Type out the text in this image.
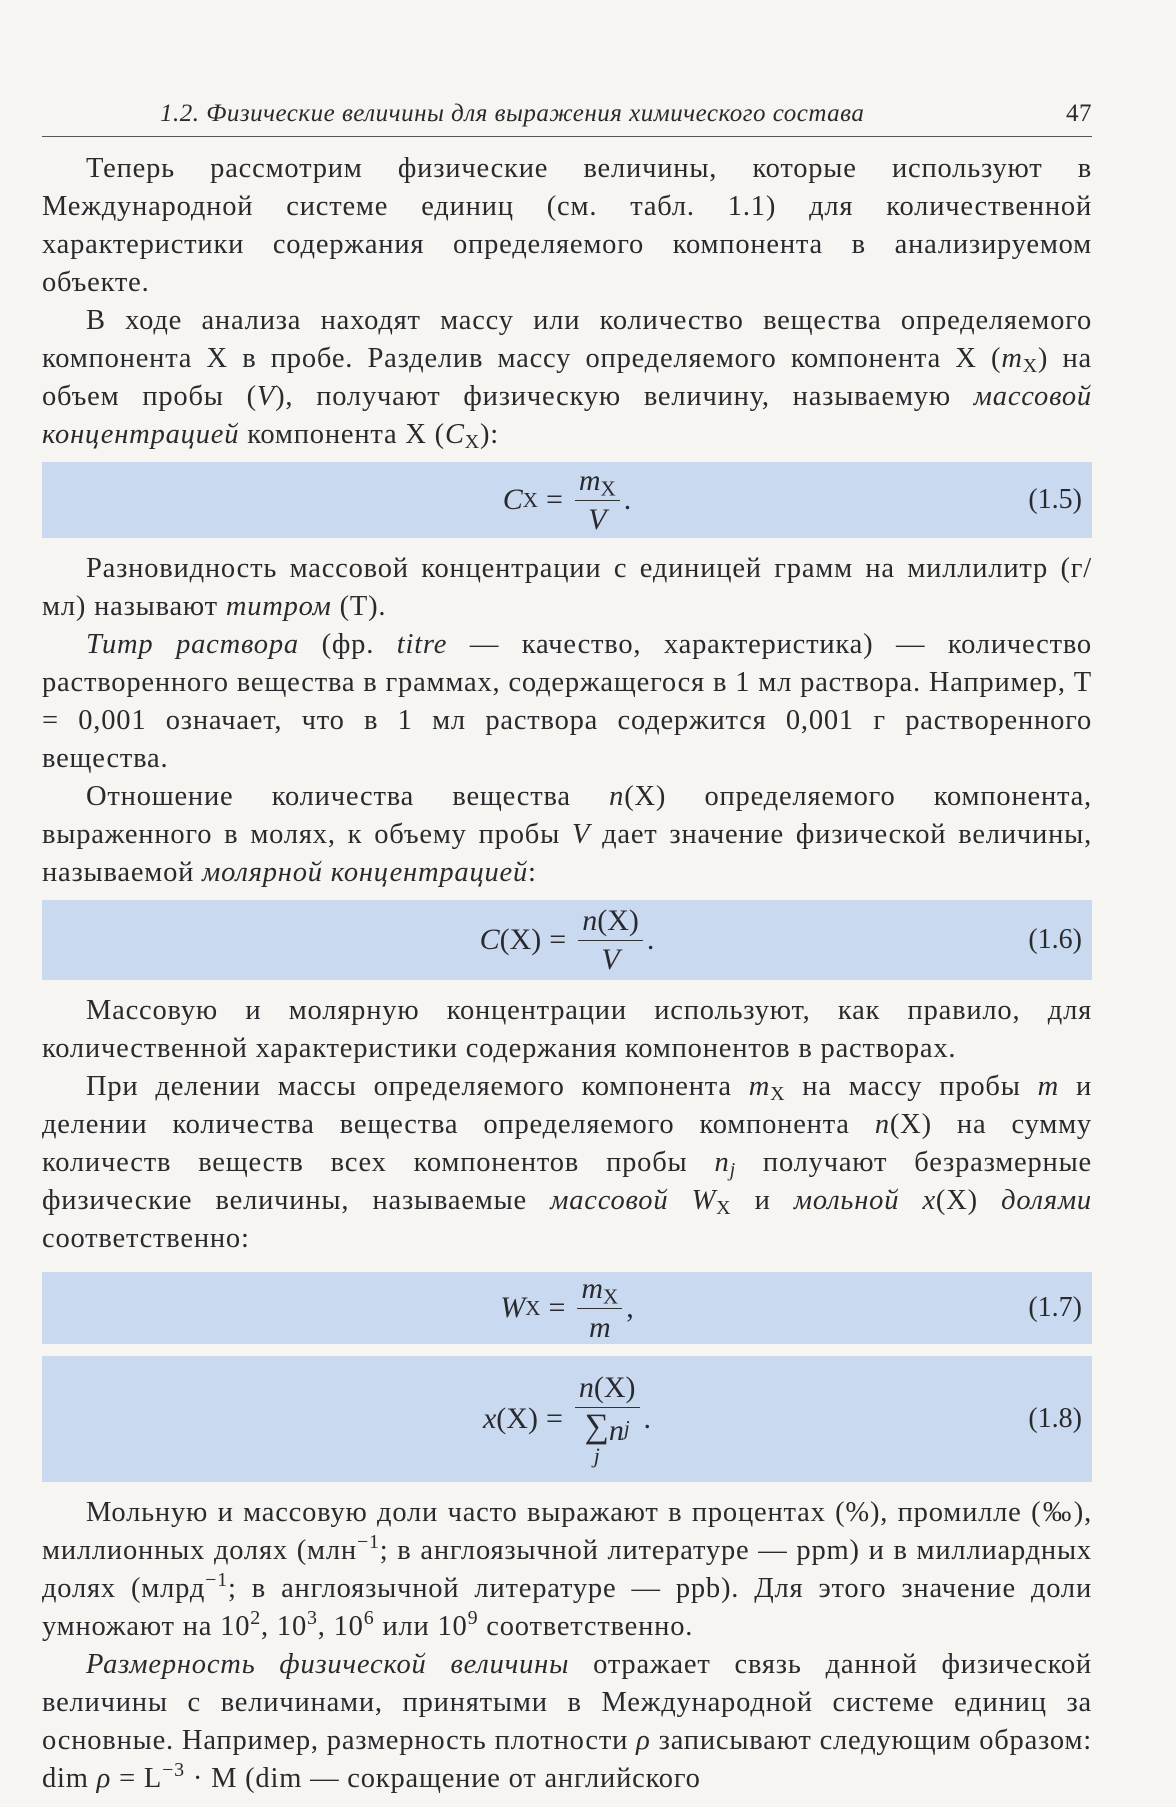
1.2. Физические величины для выражения химического состава	47

Теперь рассмотрим физические величины, которые используют в Международной системе единиц (см. табл. 1.1) для количественной характеристики содержания определяемого компонента в анализируемом объекте.

В ходе анализа находят массу или количество вещества определяемого компонента X в пробе. Разделив массу определяемого компонента X $(m_X)$ на объем пробы (V), получают физическую величину, называемую массовой концентрацией компонента X $(C_X)$:

C $X = \frac{m_X}{V}$ .	(1.5)

Разновидность массовой концентрации с единицей грамм на миллилитр (г/мл) называют титром (Т).

Титр раствора (фр. titre — качество, характеристика) — количество растворенного вещества в граммах, содержащегося в 1 мл раствора. Например, Т = 0,001 означает, что в 1 мл раствора содержится 0,001 г растворенного вещества.

Отношение количества вещества n(X) определяемого компонента, выраженного в молях, к объему пробы V дает значение физической величины, называемой молярной концентрацией:

C $(X) = \frac{n(X)}{V}$ .	(1.6)

Массовую и молярную концентрации используют, как правило, для количественной характеристики содержания компонентов в растворах.

При делении массы определяемого компонента $m_X$ на массу пробы m и делении количества вещества определяемого компонента n(X) на сумму количеств веществ всех компонентов пробы $n_j$ получают безразмерные физические величины, называемые массовой $W_X$ и мольной x(X) долями соответственно:

W $X = \frac{m_X}{m}$ ,	(1.7)
x (X) = n(X)
∑
j
n j .	(1.8)

Мольную и массовую доли часто выражают в процентах (%), промилле (‰), миллионных долях (млн$^{-1}$; в англоязычной литературе — ppm) и в миллиардных долях (млрд$^{-1}$; в англоязычной литературе — ppb). Для этого значение доли умножают на $10^2$, $10^3$, $10^6$ или $10^9$ соответственно.

Размерность физической величины отражает связь данной физической величины с величинами, принятыми в Международной системе единиц за основные. Например, размерность плотности ρ записывают следующим образом: dim $\rho = L^{-3} \cdot M$ (dim — сокращение от английского
